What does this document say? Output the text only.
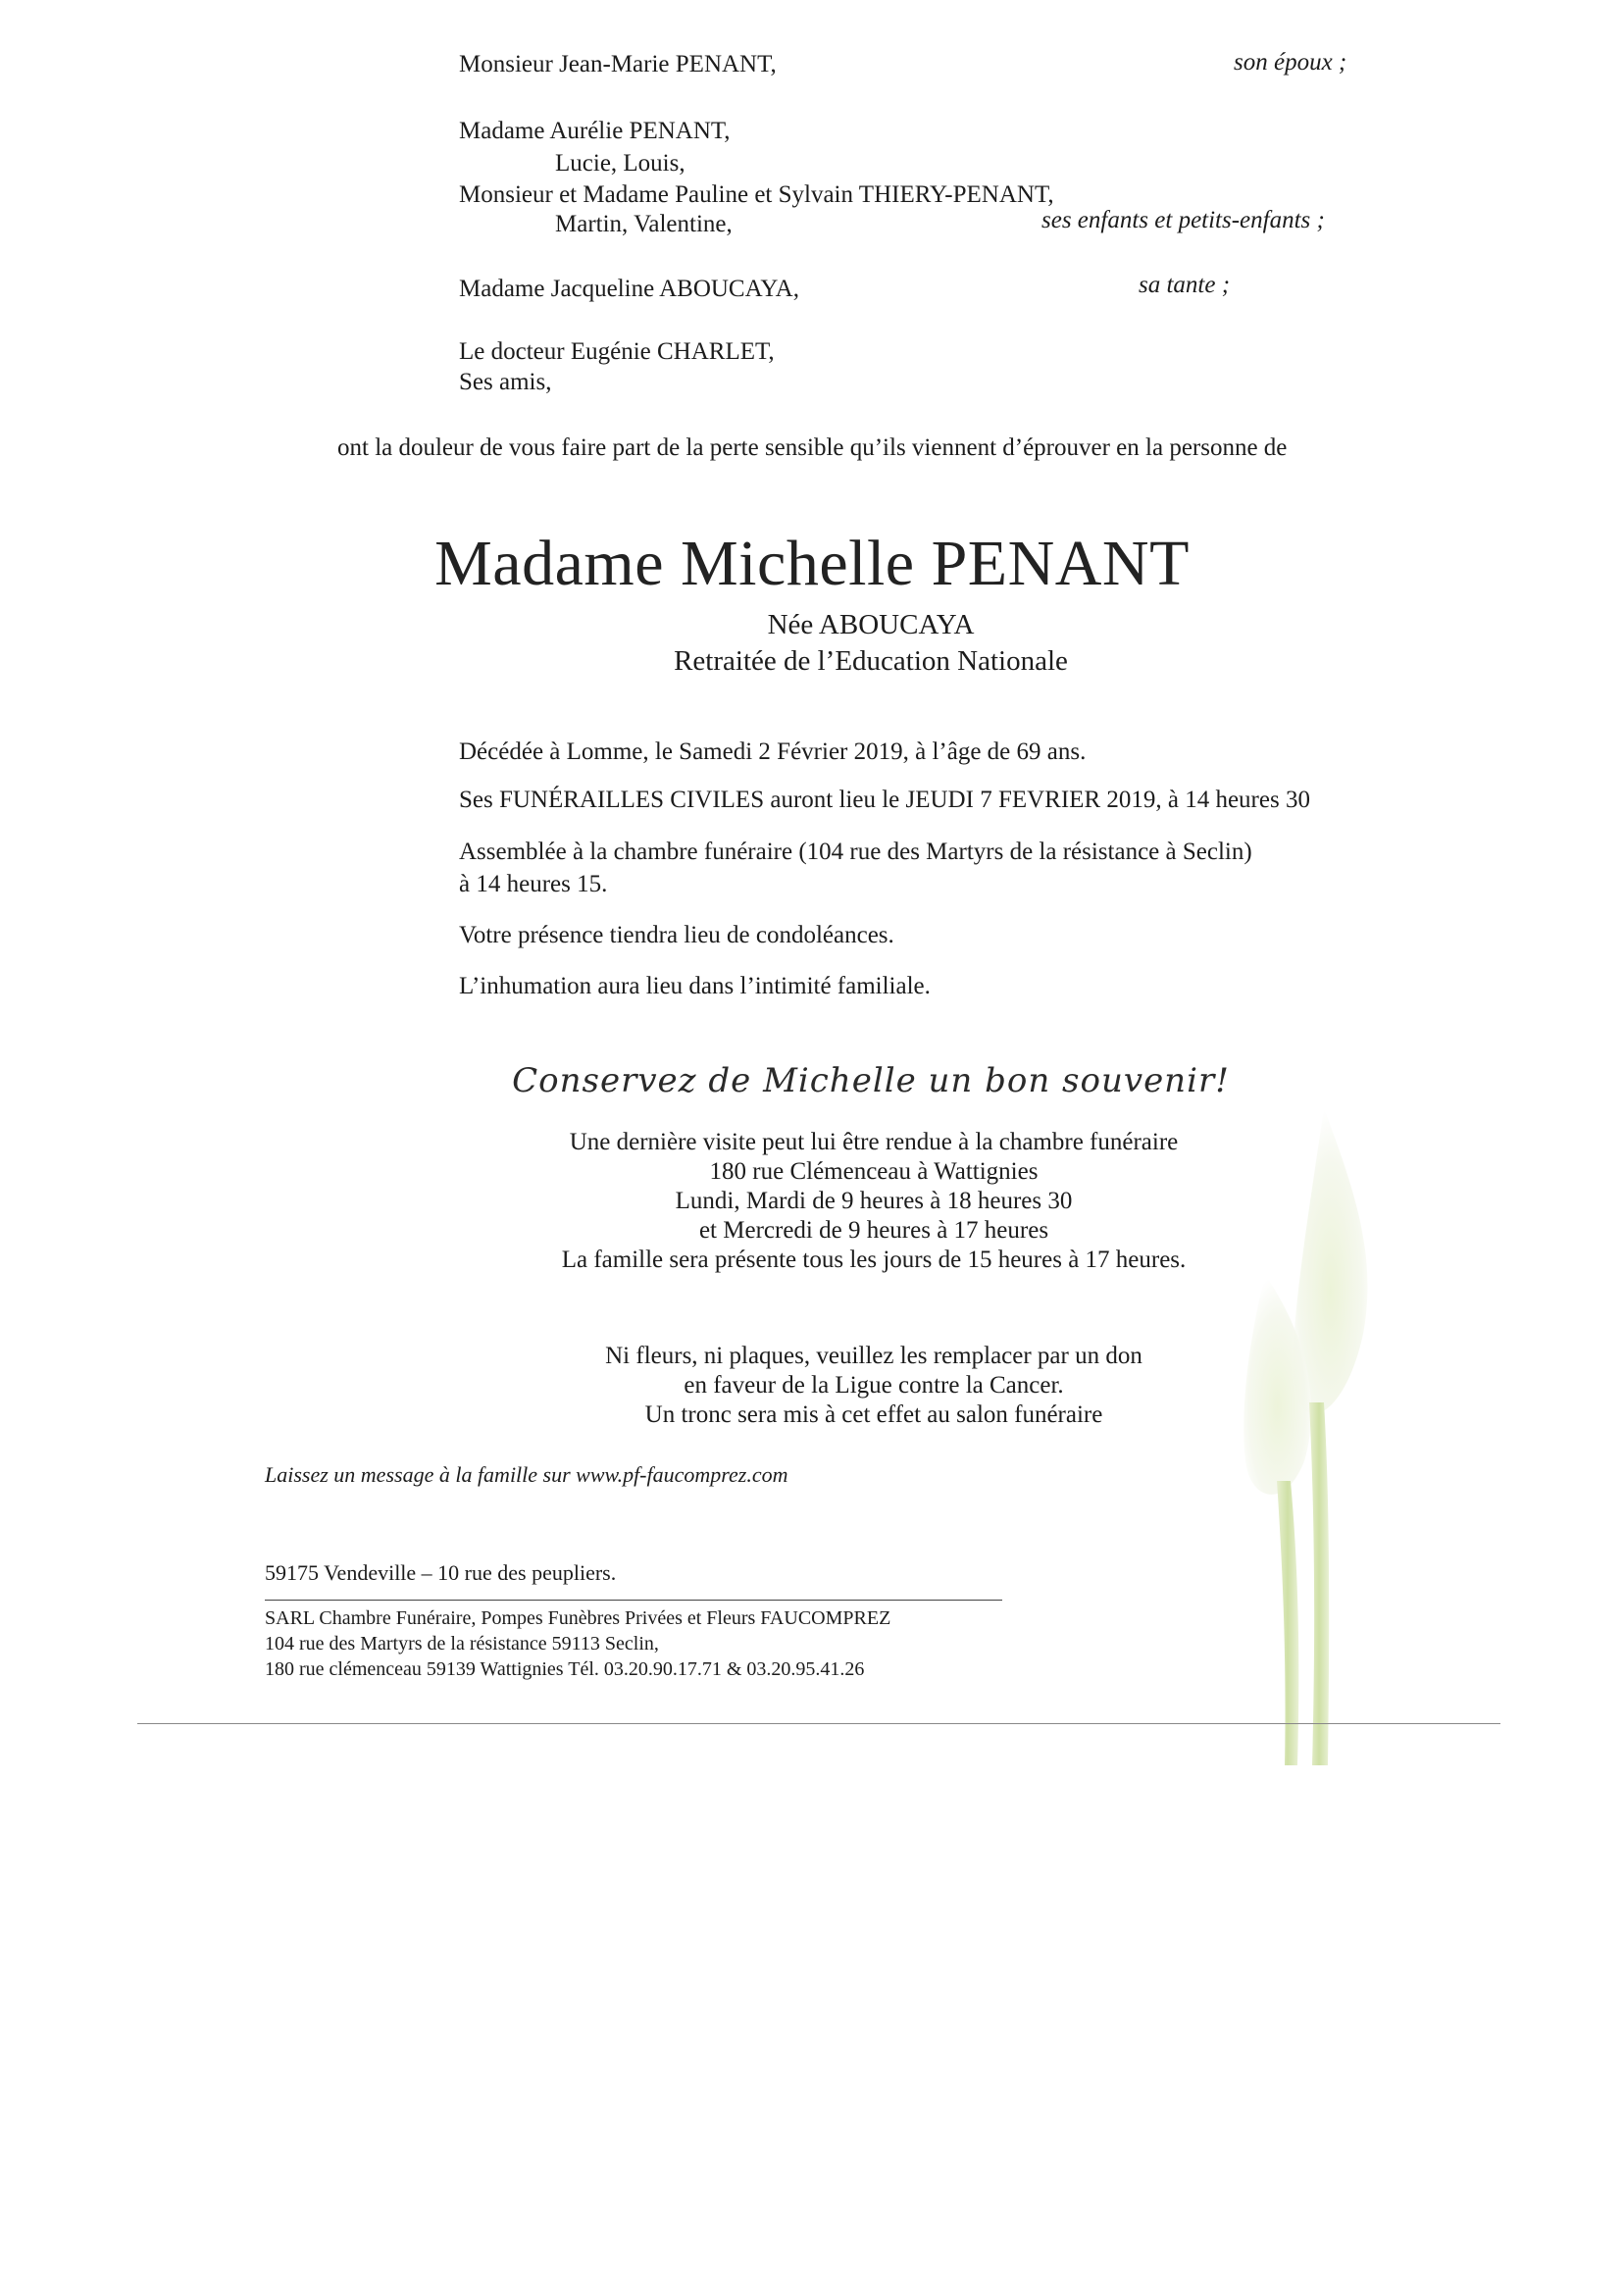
Monsieur Jean-Marie PENANT,	son époux ;
Madame Aurélie PENANT,
Lucie, Louis,
Monsieur et Madame Pauline et Sylvain THIERY-PENANT,
Martin, Valentine,	ses enfants et petits-enfants ;
Madame Jacqueline ABOUCAYA,	sa tante ;
Le docteur Eugénie CHARLET,
Ses amis,
ont la douleur de vous faire part de la perte sensible qu’ils viennent d’éprouver en la personne de
Madame Michelle PENANT
Née ABOUCAYA
Retraitée de l’Education Nationale
Décédée à Lomme, le Samedi 2 Février 2019, à l’âge de 69 ans.
Ses FUNÉRAILLES CIVILES auront lieu le JEUDI 7 FEVRIER 2019, à 14 heures 30
Assemblée à la chambre funéraire (104 rue des Martyrs de la résistance à Seclin)
à 14 heures 15.
Votre présence tiendra lieu de condoléances.
L’inhumation aura lieu dans l’intimité familiale.
Conservez de Michelle un bon souvenir!
Une dernière visite peut lui être rendue à la chambre funéraire
180 rue Clémenceau à Wattignies
Lundi, Mardi de 9 heures à 18 heures 30
et Mercredi de 9 heures à 17 heures
La famille sera présente tous les jours de 15 heures à 17 heures.
Ni fleurs, ni plaques, veuillez les remplacer par un don
en faveur de la Ligue contre la Cancer.
Un tronc sera mis à cet effet au salon funéraire
Laissez un message à la famille sur www.pf-faucomprez.com
59175 Vendeville – 10 rue des peupliers.
SARL Chambre Funéraire, Pompes Funèbres Privées et Fleurs FAUCOMPREZ
104 rue des Martyrs de la résistance 59113 Seclin,
180 rue clémenceau 59139 Wattignies Tél. 03.20.90.17.71 & 03.20.95.41.26
